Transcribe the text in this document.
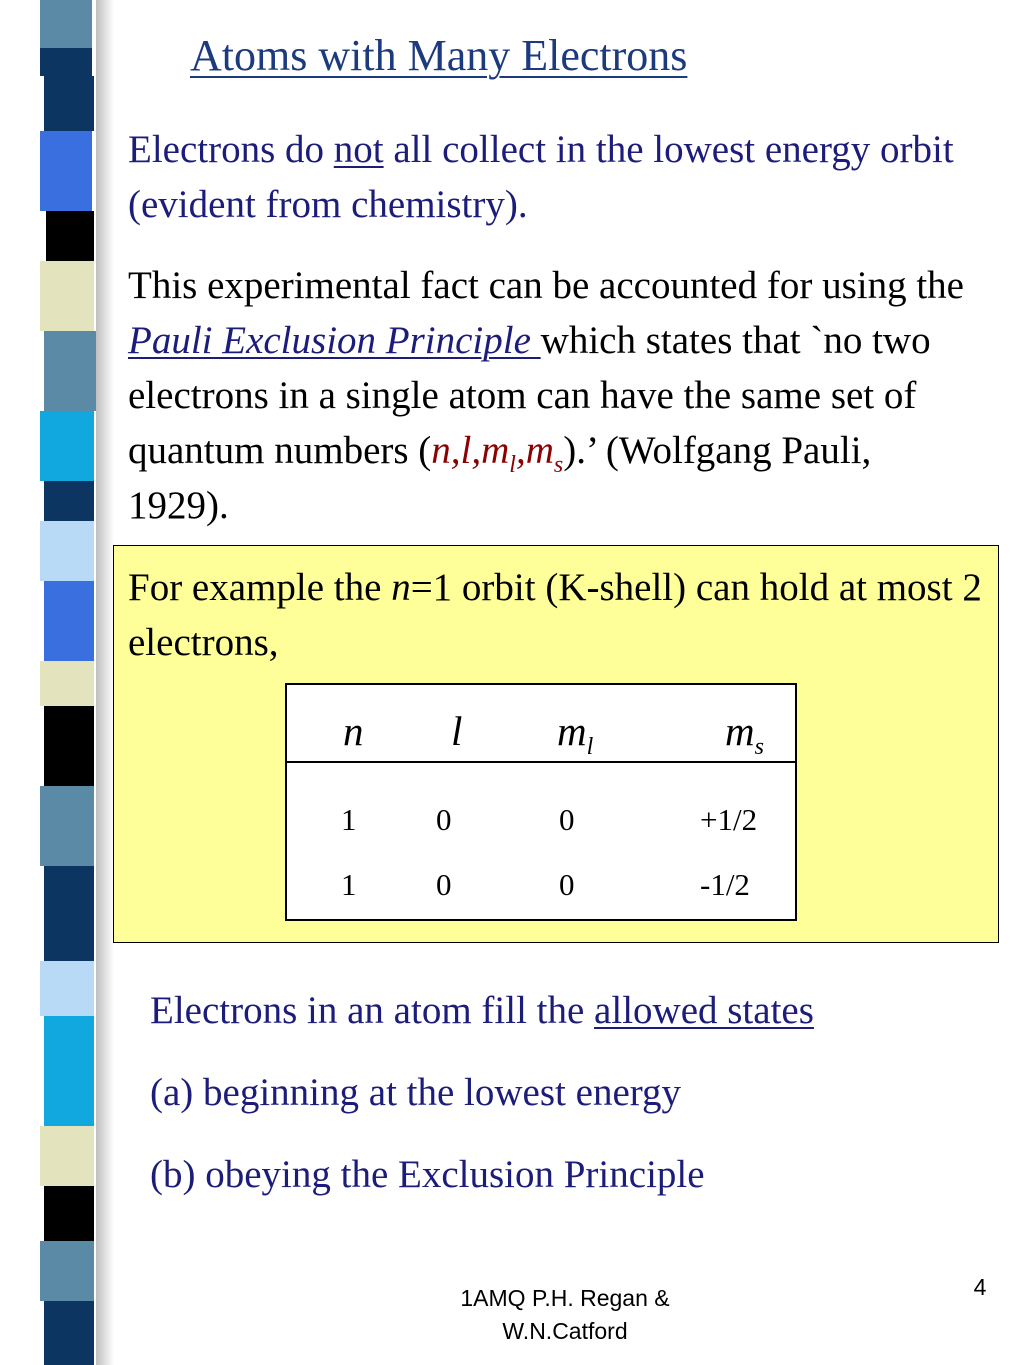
Atoms with Many Electrons

Electrons do not all collect in the lowest energy orbit (evident from chemistry).

This experimental fact can be accounted for using the Pauli Exclusion Principle which states that `no two electrons in a single atom can have the same set of quantum numbers $(n,l,m_l,m_s)$.’ (Wolfgang Pauli, 1929).

For example the n=1 orbit (K-shell) can hold at most 2 electrons,

n l $m_l$	$m_s$
1	0	0	+1/2
1	0	0	-1/2

Electrons in an atom fill the allowed states

(a) beginning at the lowest energy

(b) obeying the Exclusion Principle

1AMQ P.H. Regan &
W.N.Catford
4
